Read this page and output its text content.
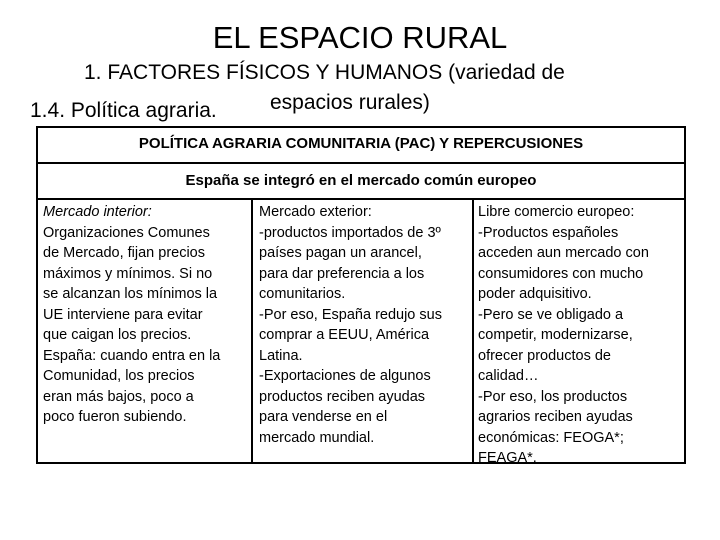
EL ESPACIO RURAL
1. FACTORES FÍSICOS Y HUMANOS (variedad de
espacios rurales)
1.4. Política agraria.
POLÍTICA AGRARIA COMUNITARIA (PAC) Y REPERCUSIONES
España se integró en el mercado común europeo
Mercado interior:
Organizaciones Comunes
de Mercado, fijan precios
máximos y mínimos. Si no
se alcanzan los mínimos la
UE interviene para evitar
que caigan los precios.
España: cuando entra en la
Comunidad, los precios
eran más bajos, poco a
poco fueron subiendo.
Mercado exterior:
-productos importados de 3º
países pagan un arancel,
para dar preferencia a los
comunitarios.
-Por eso, España redujo sus
comprar a EEUU, América
Latina.
-Exportaciones de algunos
productos reciben ayudas
para venderse en el
mercado mundial.
Libre comercio europeo:
-Productos españoles
acceden aun mercado con
consumidores con mucho
poder adquisitivo.
-Pero se ve obligado a
competir, modernizarse,
ofrecer productos de
calidad…
-Por eso, los productos
agrarios reciben ayudas
económicas: FEOGA*;
FEAGA*.
